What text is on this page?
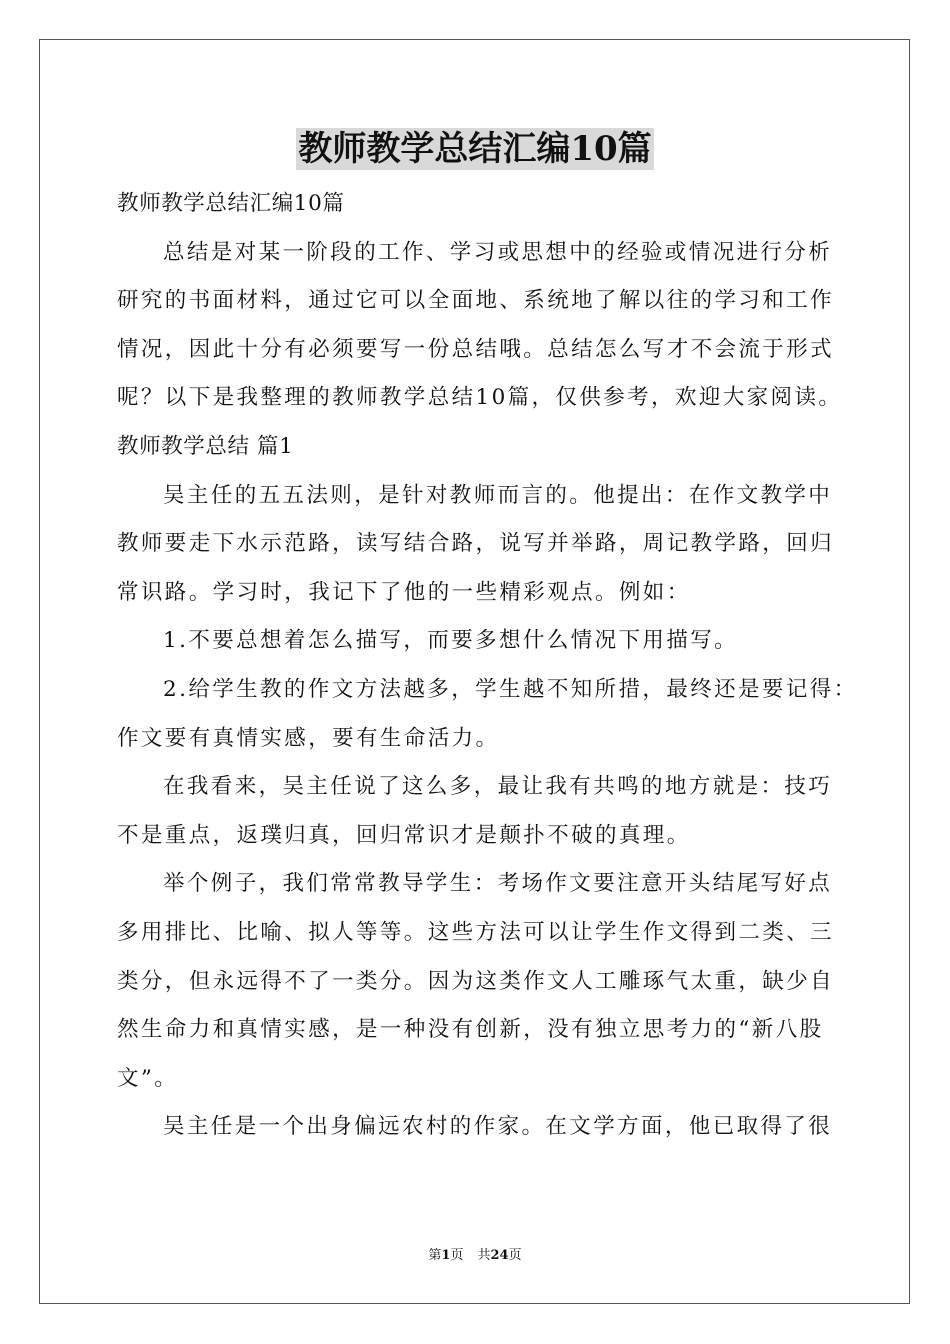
教师教学总结汇编10篇
教师教学总结汇编10篇
总结是对某一阶段的工作、学习或思想中的经验或情况进行分析
研究的书面材料，通过它可以全面地、系统地了解以往的学习和工作
情况，因此十分有必须要写一份总结哦。总结怎么写才不会流于形式
呢？以下是我整理的教师教学总结10篇，仅供参考，欢迎大家阅读。
教师教学总结 篇1
吴主任的五五法则，是针对教师而言的。他提出：在作文教学中
教师要走下水示范路，读写结合路，说写并举路，周记教学路，回归
常识路。学习时，我记下了他的一些精彩观点。例如：
1.不要总想着怎么描写，而要多想什么情况下用描写。
2.给学生教的作文方法越多，学生越不知所措，最终还是要记得：
作文要有真情实感，要有生命活力。
在我看来，吴主任说了这么多，最让我有共鸣的地方就是：技巧
不是重点，返璞归真，回归常识才是颠扑不破的真理。
举个例子，我们常常教导学生：考场作文要注意开头结尾写好点
多用排比、比喻、拟人等等。这些方法可以让学生作文得到二类、三
类分，但永远得不了一类分。因为这类作文人工雕琢气太重，缺少自
然生命力和真情实感，是一种没有创新，没有独立思考力的“新八股
文”。
吴主任是一个出身偏远农村的作家。在文学方面，他已取得了很
第1页 共24页
